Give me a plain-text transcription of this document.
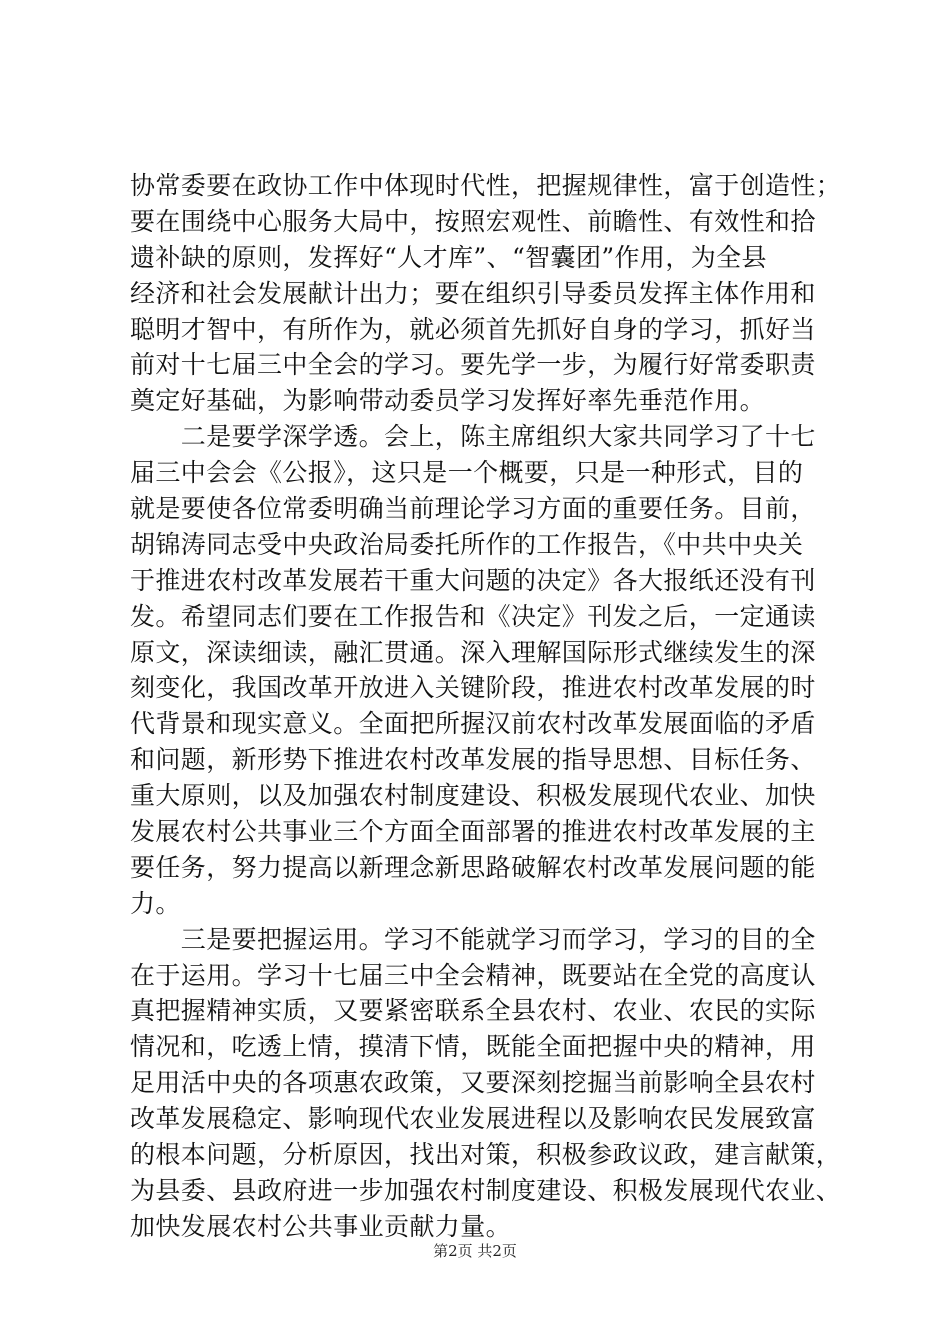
协常委要在政协工作中体现时代性，把握规律性，富于创造性；
要在围绕中心服务大局中，按照宏观性、前瞻性、有效性和拾
遗补缺的原则，发挥好“人才库”、“智囊团”作用，为全县
经济和社会发展献计出力；要在组织引导委员发挥主体作用和
聪明才智中，有所作为，就必须首先抓好自身的学习，抓好当
前对十七届三中全会的学习。要先学一步，为履行好常委职责
奠定好基础，为影响带动委员学习发挥好率先垂范作用。
　　二是要学深学透。会上，陈主席组织大家共同学习了十七
届三中会会《公报》，这只是一个概要，只是一种形式，目的
就是要使各位常委明确当前理论学习方面的重要任务。目前，
胡锦涛同志受中央政治局委托所作的工作报告，《中共中央关
于推进农村改革发展若干重大问题的决定》各大报纸还没有刊
发。希望同志们要在工作报告和《决定》刊发之后，一定通读
原文，深读细读，融汇贯通。深入理解国际形式继续发生的深
刻变化，我国改革开放进入关键阶段，推进农村改革发展的时
代背景和现实意义。全面把所握汉前农村改革发展面临的矛盾
和问题，新形势下推进农村改革发展的指导思想、目标任务、
重大原则，以及加强农村制度建设、积极发展现代农业、加快
发展农村公共事业三个方面全面部署的推进农村改革发展的主
要任务，努力提高以新理念新思路破解农村改革发展问题的能
力。
　　三是要把握运用。学习不能就学习而学习，学习的目的全
在于运用。学习十七届三中全会精神，既要站在全党的高度认
真把握精神实质，又要紧密联系全县农村、农业、农民的实际
情况和，吃透上情，摸清下情，既能全面把握中央的精神，用
足用活中央的各项惠农政策，又要深刻挖掘当前影响全县农村
改革发展稳定、影响现代农业发展进程以及影响农民发展致富
的根本问题，分析原因，找出对策，积极参政议政，建言献策，
为县委、县政府进一步加强农村制度建设、积极发展现代农业、
加快发展农村公共事业贡献力量。
第2页 共2页
